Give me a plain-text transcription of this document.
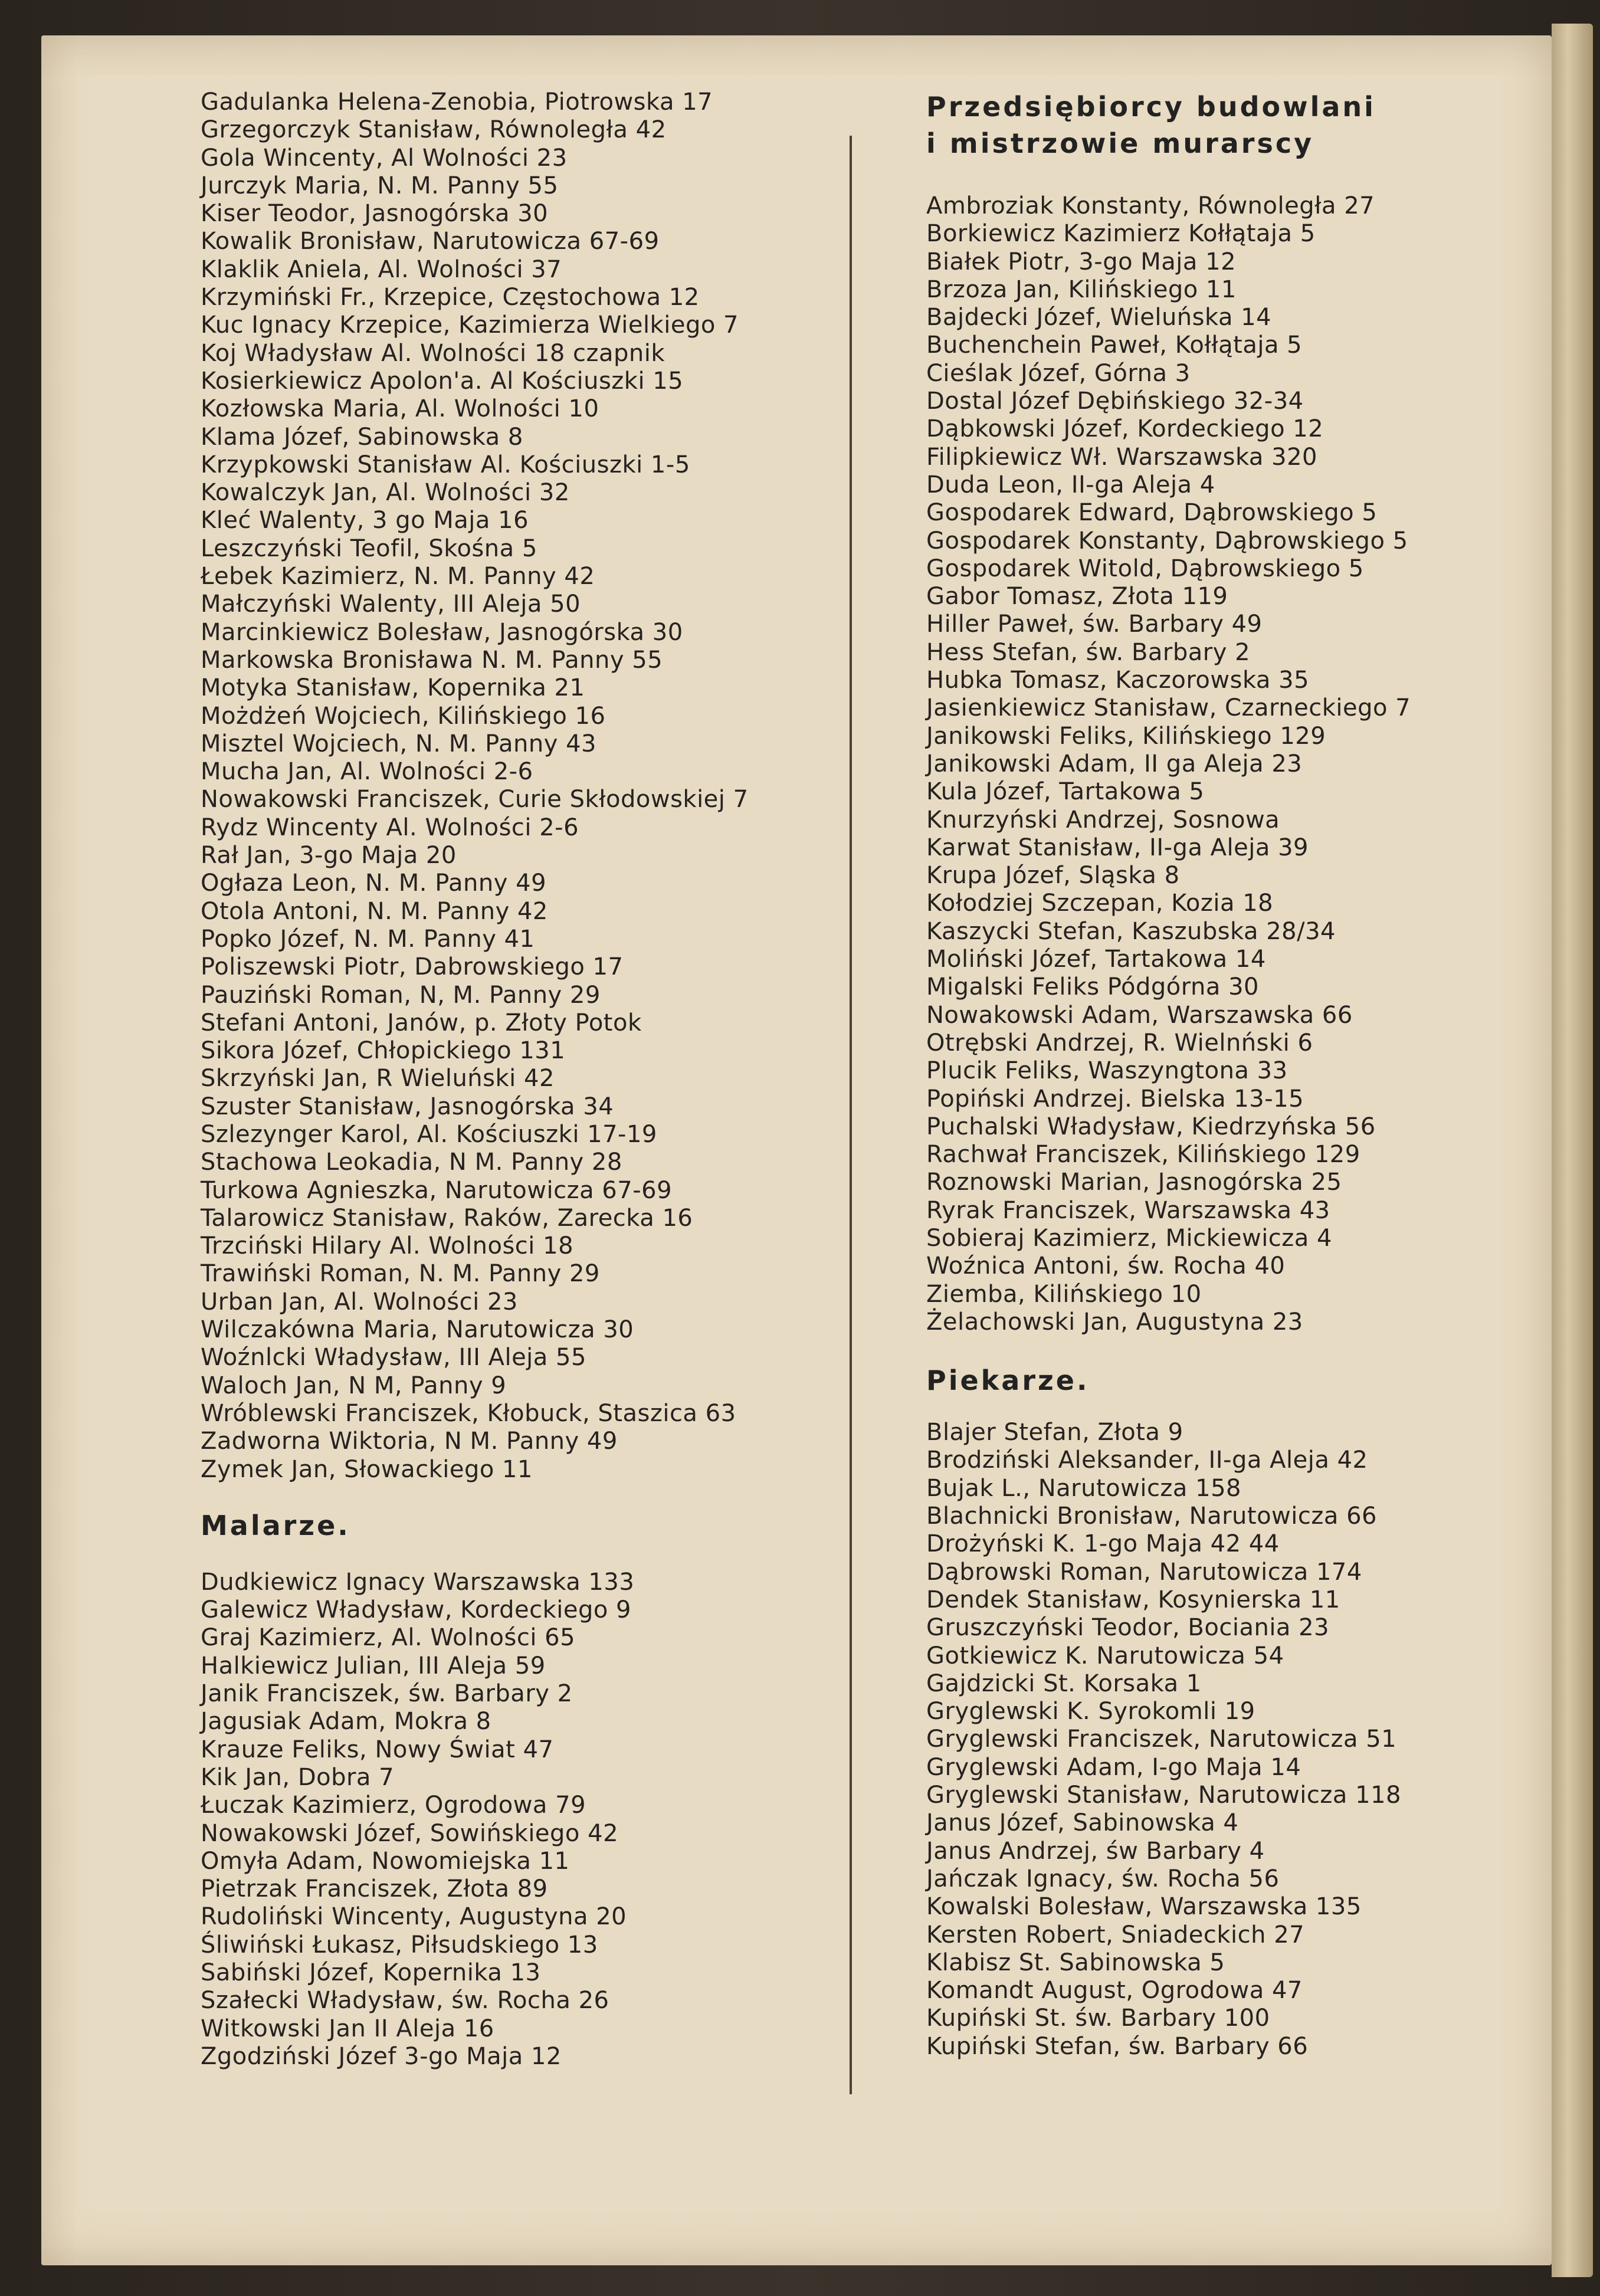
Gadulanka Helena-Zenobia, Piotrowska 17
Grzegorczyk Stanisław, Równoległa 42
Gola Wincenty, Al Wolności 23
Jurczyk Maria, N. M. Panny 55
Kiser Teodor, Jasnogórska 30
Kowalik Bronisław, Narutowicza 67-69
Klaklik Aniela, Al. Wolności 37
Krzymiński Fr., Krzepice, Częstochowa 12
Kuc Ignacy Krzepice, Kazimierza Wielkiego 7
Koj Władysław Al. Wolności 18 czapnik
Kosierkiewicz Apolon'a. Al Kościuszki 15
Kozłowska Maria, Al. Wolności 10
Klama Józef, Sabinowska 8
Krzypkowski Stanisław Al. Kościuszki 1-5
Kowalczyk Jan, Al. Wolności 32
Kleć Walenty, 3 go Maja 16
Leszczyński Teofil, Skośna 5
Łebek Kazimierz, N. M. Panny 42
Małczyński Walenty, III Aleja 50
Marcinkiewicz Bolesław, Jasnogórska 30
Markowska Bronisława N. M. Panny 55
Motyka Stanisław, Kopernika 21
Możdżeń Wojciech, Kilińskiego 16
Misztel Wojciech, N. M. Panny 43
Mucha Jan, Al. Wolności 2-6
Nowakowski Franciszek, Curie Skłodowskiej 7
Rydz Wincenty Al. Wolności 2-6
Rał Jan, 3-go Maja 20
Ogłaza Leon, N. M. Panny 49
Otola Antoni, N. M. Panny 42
Popko Józef, N. M. Panny 41
Poliszewski Piotr, Dabrowskiego 17
Pauziński Roman, N, M. Panny 29
Stefani Antoni, Janów, p. Złoty Potok
Sikora Józef, Chłopickiego 131
Skrzyński Jan, R Wieluński 42
Szuster Stanisław, Jasnogórska 34
Szlezynger Karol, Al. Kościuszki 17-19
Stachowa Leokadia, N M. Panny 28
Turkowa Agnieszka, Narutowicza 67-69
Talarowicz Stanisław, Raków, Zarecka 16
Trzciński Hilary Al. Wolności 18
Trawiński Roman, N. M. Panny 29
Urban Jan, Al. Wolności 23
Wilczakówna Maria, Narutowicza 30
Woźnlcki Władysław, III Aleja 55
Waloch Jan, N M, Panny 9
Wróblewski Franciszek, Kłobuck, Staszica 63
Zadworna Wiktoria, N M. Panny 49
Zymek Jan, Słowackiego 11
Malarze.
Dudkiewicz Ignacy Warszawska 133
Galewicz Władysław, Kordeckiego 9
Graj Kazimierz, Al. Wolności 65
Halkiewicz Julian, III Aleja 59
Janik Franciszek, św. Barbary 2
Jagusiak Adam, Mokra 8
Krauze Feliks, Nowy Świat 47
Kik Jan, Dobra 7
Łuczak Kazimierz, Ogrodowa 79
Nowakowski Józef, Sowińskiego 42
Omyła Adam, Nowomiejska 11
Pietrzak Franciszek, Złota 89
Rudoliński Wincenty, Augustyna 20
Śliwiński Łukasz, Piłsudskiego 13
Sabiński Józef, Kopernika 13
Szałecki Władysław, św. Rocha 26
Witkowski Jan II Aleja 16
Zgodziński Józef 3-go Maja 12
Przedsiębiorcy budowlani
i mistrzowie murarscy
Ambroziak Konstanty, Równoległa 27
Borkiewicz Kazimierz Kołłątaja 5
Białek Piotr, 3-go Maja 12
Brzoza Jan, Kilińskiego 11
Bajdecki Józef, Wieluńska 14
Buchenchein Paweł, Kołłątaja 5
Cieślak Józef, Górna 3
Dostal Józef Dębińskiego 32-34
Dąbkowski Józef, Kordeckiego 12
Filipkiewicz Wł. Warszawska 320
Duda Leon, II-ga Aleja 4
Gospodarek Edward, Dąbrowskiego 5
Gospodarek Konstanty, Dąbrowskiego 5
Gospodarek Witold, Dąbrowskiego 5
Gabor Tomasz, Złota 119
Hiller Paweł, św. Barbary 49
Hess Stefan, św. Barbary 2
Hubka Tomasz, Kaczorowska 35
Jasienkiewicz Stanisław, Czarneckiego 7
Janikowski Feliks, Kilińskiego 129
Janikowski Adam, II ga Aleja 23
Kula Józef, Tartakowa 5
Knurzyński Andrzej, Sosnowa
Karwat Stanisław, II-ga Aleja 39
Krupa Józef, Sląska 8
Kołodziej Szczepan, Kozia 18
Kaszycki Stefan, Kaszubska 28/34
Moliński Józef, Tartakowa 14
Migalski Feliks Pódgórna 30
Nowakowski Adam, Warszawska 66
Otrębski Andrzej, R. Wielnński 6
Plucik Feliks, Waszyngtona 33
Popiński Andrzej. Bielska 13-15
Puchalski Władysław, Kiedrzyńska 56
Rachwał Franciszek, Kilińskiego 129
Roznowski Marian, Jasnogórska 25
Ryrak Franciszek, Warszawska 43
Sobieraj Kazimierz, Mickiewicza 4
Woźnica Antoni, św. Rocha 40
Ziemba, Kilińskiego 10
Żelachowski Jan, Augustyna 23
Piekarze.
Blajer Stefan, Złota 9
Brodziński Aleksander, II-ga Aleja 42
Bujak L., Narutowicza 158
Blachnicki Bronisław, Narutowicza 66
Drożyński K. 1-go Maja 42 44
Dąbrowski Roman, Narutowicza 174
Dendek Stanisław, Kosynierska 11
Gruszczyński Teodor, Bociania 23
Gotkiewicz K. Narutowicza 54
Gajdzicki St. Korsaka 1
Gryglewski K. Syrokomli 19
Gryglewski Franciszek, Narutowicza 51
Gryglewski Adam, I-go Maja 14
Gryglewski Stanisław, Narutowicza 118
Janus Józef, Sabinowska 4
Janus Andrzej, św Barbary 4
Jańczak Ignacy, św. Rocha 56
Kowalski Bolesław, Warszawska 135
Kersten Robert, Sniadeckich 27
Klabisz St. Sabinowska 5
Komandt August, Ogrodowa 47
Kupiński St. św. Barbary 100
Kupiński Stefan, św. Barbary 66
